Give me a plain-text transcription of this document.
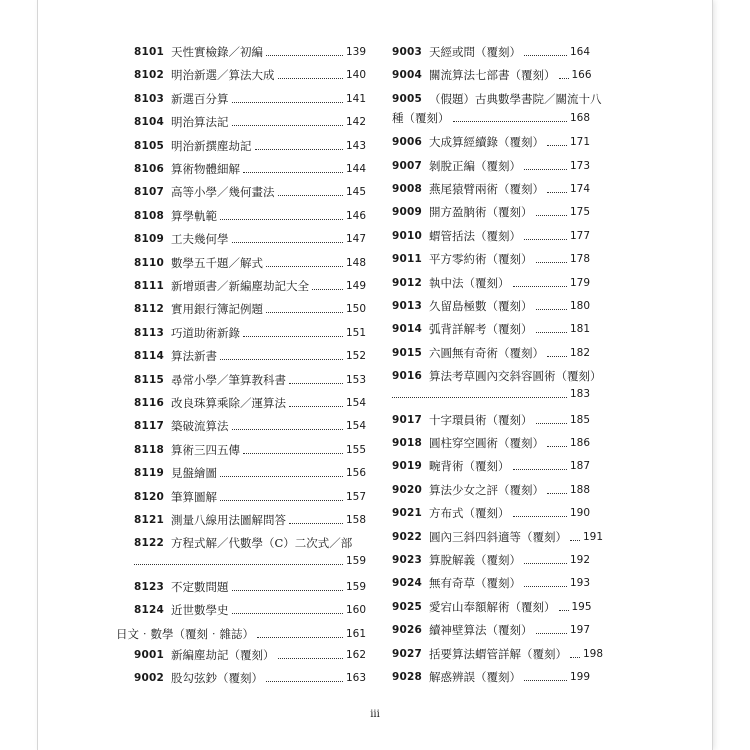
8101 天性實檢錄／初編	139
8102 明治新選／算法大成	140
8103 新選百分算	141
8104 明治算法記	142
8105 明治新撰塵劫記	143
8106 算術物體細解	144
8107 高等小學／幾何畫法	145
8108 算學軌範	146
8109 工夫幾何學	147
8110 數學五千題／解式	148
8111 新增頭書／新編塵劫記大全	149
8112 實用銀行簿記例題	150
8113 巧道助術新錄	151
8114 算法新書	152
8115 尋常小學／筆算教科書	153
8116 改良珠算乘除／運算法	154
8117 築破流算法	154
8118 算術三四五傳	155
8119 見盤繪圖	156
8120 筆算圖解	157
8121 測量八線用法圖解問答	158
8122 方程式解／代數學（C）二次式／部
159
8123 不定數問題	159
8124 近世數學史	160
日文‧數學（覆刻‧雜誌）	161
9001 新編塵劫記（覆刻）	162
9002 股勾弦鈔（覆刻）	163
9003 天經或問（覆刻）	164
9004 關流算法七部書（覆刻） 166
9005 （假題）古典數學書院／關流十八
種（覆刻）	168
9006 大成算經續錄（覆刻） 171
9007 剝脫正編（覆刻）	173
9008 燕尾猿臂兩術（覆刻） 174
9009 開方盈朒術（覆刻）	175
9010 蝟管括法（覆刻）	177
9011 平方零約術（覆刻）	178
9012 執中法（覆刻）	179
9013 久留島極數（覆刻）	180
9014 弧背詳解考（覆刻）	181
9015 六圓無有奇術（覆刻） 182
9016 算法考草圓內交斜容圓術（覆刻）
183
9017 十字環員術（覆刻）	185
9018 圓柱穿空圓術（覆刻） 186
9019 畹背術（覆刻）	187
9020 算法少女之評（覆刻） 188
9021 方布式（覆刻）	190
9022 圓內三斜四斜適等（覆刻） 191
9023 算脫解義（覆刻）	192
9024 無有奇草（覆刻）	193
9025 愛宕山奉額解術（覆刻） 195
9026 續神壁算法（覆刻）	197
9027 括要算法蝟管詳解（覆刻） 198
9028 解惑辨誤（覆刻）	199
iii
